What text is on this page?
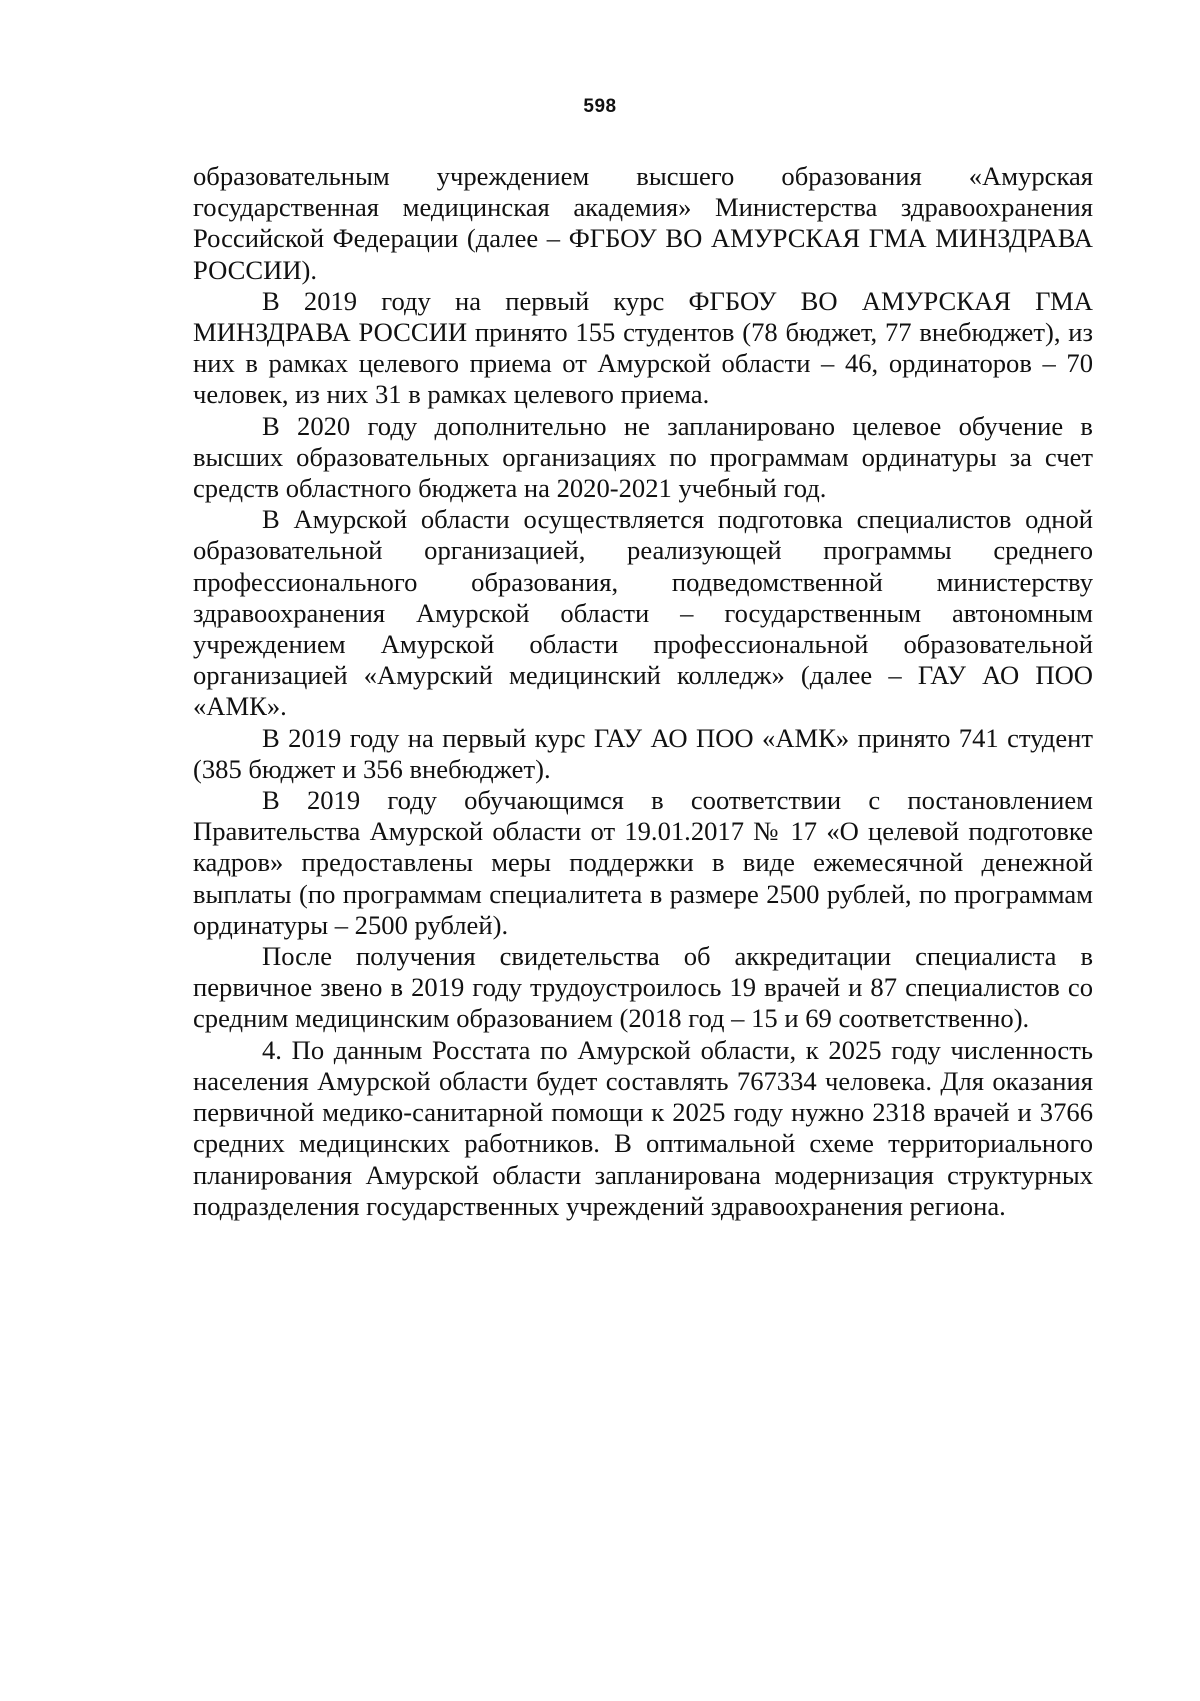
598

образовательным учреждением высшего образования «Амурская государственная медицинская академия» Министерства здравоохранения Российской Федерации (далее – ФГБОУ ВО АМУРСКАЯ ГМА МИНЗДРАВА РОССИИ).

В 2019 году на первый курс ФГБОУ ВО АМУРСКАЯ ГМА МИНЗДРАВА РОССИИ принято 155 студентов (78 бюджет, 77 внебюджет), из них в рамках целевого приема от Амурской области – 46, ординаторов – 70 человек, из них 31 в рамках целевого приема.

В 2020 году дополнительно не запланировано целевое обучение в высших образовательных организациях по программам ординатуры за счет средств областного бюджета на 2020-2021 учебный год.

В Амурской области осуществляется подготовка специалистов одной образовательной организацией, реализующей программы среднего профессионального образования, подведомственной министерству здравоохранения Амурской области – государственным автономным учреждением Амурской области профессиональной образовательной организацией «Амурский медицинский колледж» (далее – ГАУ АО ПОО «АМК».

В 2019 году на первый курс ГАУ АО ПОО «АМК» принято 741 студент (385 бюджет и 356 внебюджет).

В 2019 году обучающимся в соответствии с постановлением Правительства Амурской области от 19.01.2017 № 17 «О целевой подготовке кадров» предоставлены меры поддержки в виде ежемесячной денежной выплаты (по программам специалитета в размере 2500 рублей, по программам ординатуры – 2500 рублей).

После получения свидетельства об аккредитации специалиста в первичное звено в 2019 году трудоустроилось 19 врачей и 87 специалистов со средним медицинским образованием (2018 год – 15 и 69 соответственно).

4. По данным Росстата по Амурской области, к 2025 году численность населения Амурской области будет составлять 767334 человека. Для оказания первичной медико-санитарной помощи к 2025 году нужно 2318 врачей и 3766 средних медицинских работников. В оптимальной схеме территориального планирования Амурской области запланирована модернизация структурных подразделения государственных учреждений здравоохранения региона.
